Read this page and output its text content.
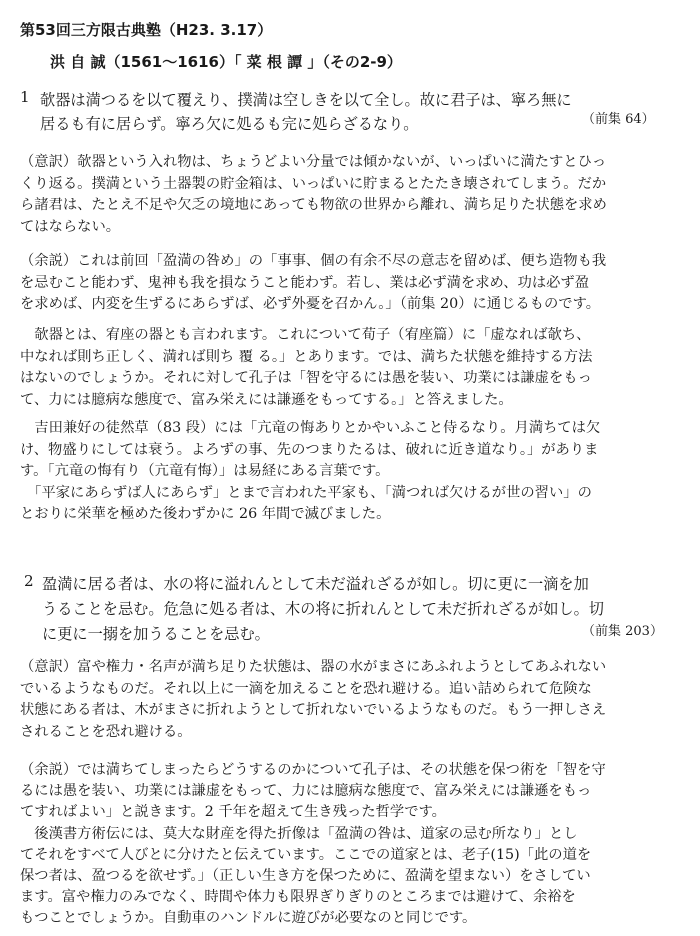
第53回三方限古典塾（H23. 3.17）
洪 自 誠（1561～1616）「 菜 根 譚 」（その2‐9）
1 欹器は満つるを以て覆えり、撲満は空しきを以て全し。故に君子は、寧ろ無に
居るも有に居らず。寧ろ欠に処るも完に処らざるなり。	（前集 64）
（意訳）欹器という入れ物は、ちょうどよい分量では傾かないが、いっぱいに満たすとひっ
くり返る。撲満という土器製の貯金箱は、いっぱいに貯まるとたたき壊されてしまう。だか
ら諸君は、たとえ不足や欠乏の境地にあっても物欲の世界から離れ、満ち足りた状態を求め
てはならない。
（余説）これは前回「盈満の咎め」の「事事、個の有余不尽の意志を留めば、便ち造物も我
を忌むこと能わず、鬼神も我を損なうこと能わず。若し、業は必ず満を求め、功は必ず盈
を求めば、内変を生ずるにあらずば、必ず外憂を召かん。」（前集 20）に通じるものです。
　欹器とは、宥座の器とも言われます。これについて荀子（宥座篇）に「虚なれば欹ち、
中なれば則ち正しく、満れば則ち 覆 る。」とあります。では、満ちた状態を維持する方法
はないのでしょうか。それに対して孔子は「智を守るには愚を装い、功業には謙虚をもっ
て、力には臆病な態度で、富み栄えには謙遜をもってする。」と答えました。
　吉田兼好の徒然草（83 段）には「亢竜の悔ありとかやいふこと侍るなり。月満ちては欠
け、物盛りにしては衰う。よろずの事、先のつまりたるは、破れに近き道なり。」がありま
す。「亢竜の悔有り（亢竜有悔）」は易経にある言葉です。
　「平家にあらずば人にあらず」とまで言われた平家も、「満つれば欠けるが世の習い」の
とおりに栄華を極めた後わずかに 26 年間で滅びました。
2 盈満に居る者は、水の将に溢れんとして未だ溢れざるが如し。切に更に一滴を加
うることを忌む。危急に処る者は、木の将に折れんとして未だ折れざるが如し。切
に更に一搦を加うることを忌む。	（前集 203）
（意訳）富や権力・名声が満ち足りた状態は、器の水がまさにあふれようとしてあふれない
でいるようなものだ。それ以上に一滴を加えることを恐れ避ける。追い詰められて危険な
状態にある者は、木がまさに折れようとして折れないでいるようなものだ。もう一押しさえ
されることを恐れ避ける。
（余説）では満ちてしまったらどうするのかについて孔子は、その状態を保つ術を「智を守
るには愚を装い、功業には謙虚をもって、力には臆病な態度で、富み栄えには謙遜をもっ
てすればよい」と説きます。2 千年を超えて生き残った哲学です。
　後漢書方術伝には、莫大な財産を得た折像は「盈満の咎は、道家の忌む所なり」とし
てそれをすべて人びとに分けたと伝えています。ここでの道家とは、老子(15)「此の道を
保つ者は、盈つるを欲せず。」（正しい生き方を保つために、盈満を望まない）をさしてい
ます。富や権力のみでなく、時間や体力も限界ぎりぎりのところまでは避けて、余裕を
もつことでしょうか。自動車のハンドルに遊びが必要なのと同じです。
